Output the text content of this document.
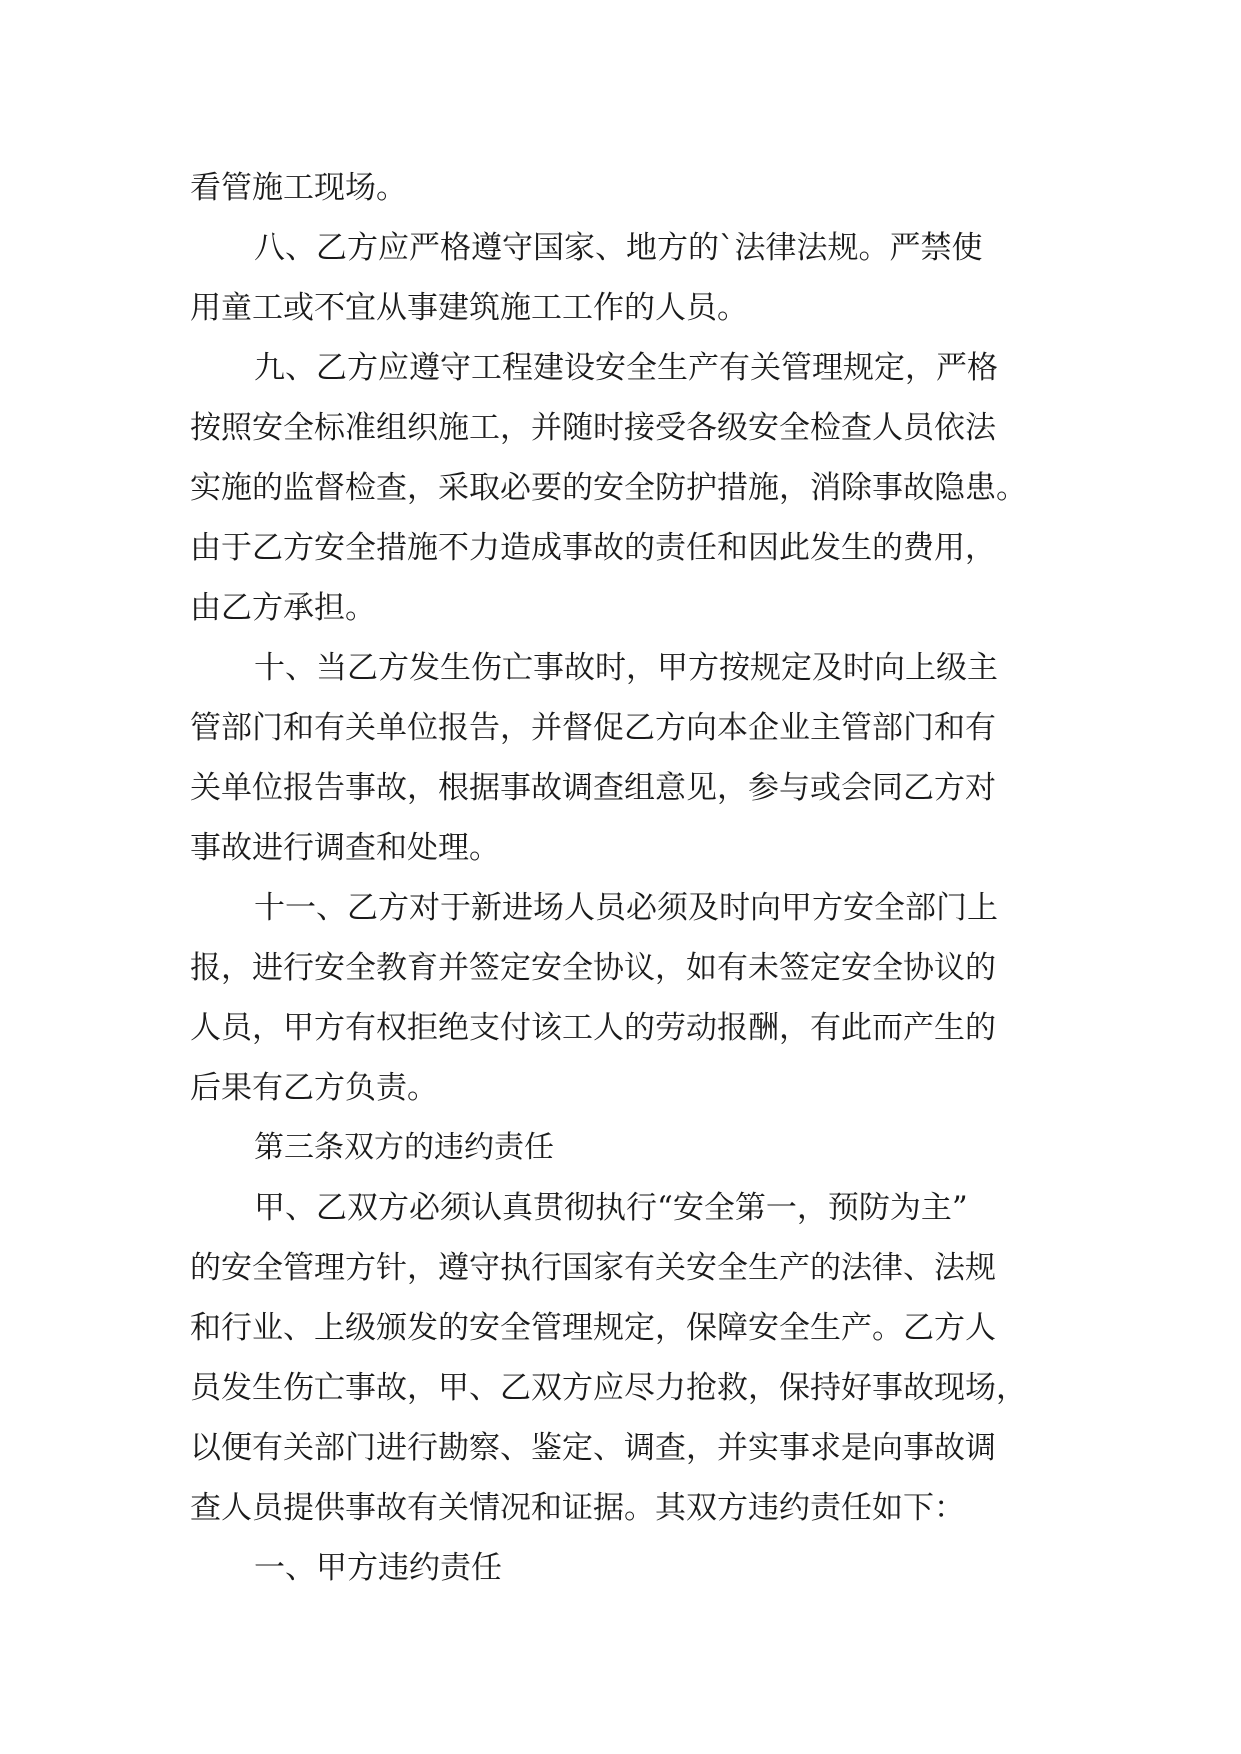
看管施工现场。
八、乙方应严格遵守国家、地方的`法律法规。严禁使
用童工或不宜从事建筑施工工作的人员。
九、乙方应遵守工程建设安全生产有关管理规定，严格
按照安全标准组织施工，并随时接受各级安全检查人员依法
实施的监督检查，采取必要的安全防护措施，消除事故隐患。
由于乙方安全措施不力造成事故的责任和因此发生的费用，
由乙方承担。
十、当乙方发生伤亡事故时，甲方按规定及时向上级主
管部门和有关单位报告，并督促乙方向本企业主管部门和有
关单位报告事故，根据事故调查组意见，参与或会同乙方对
事故进行调查和处理。
十一、乙方对于新进场人员必须及时向甲方安全部门上
报，进行安全教育并签定安全协议，如有未签定安全协议的
人员，甲方有权拒绝支付该工人的劳动报酬，有此而产生的
后果有乙方负责。
第三条双方的违约责任
甲、乙双方必须认真贯彻执行“安全第一，预防为主”
的安全管理方针，遵守执行国家有关安全生产的法律、法规
和行业、上级颁发的安全管理规定，保障安全生产。乙方人
员发生伤亡事故，甲、乙双方应尽力抢救，保持好事故现场，
以便有关部门进行勘察、鉴定、调查，并实事求是向事故调
查人员提供事故有关情况和证据。其双方违约责任如下：
一、甲方违约责任
